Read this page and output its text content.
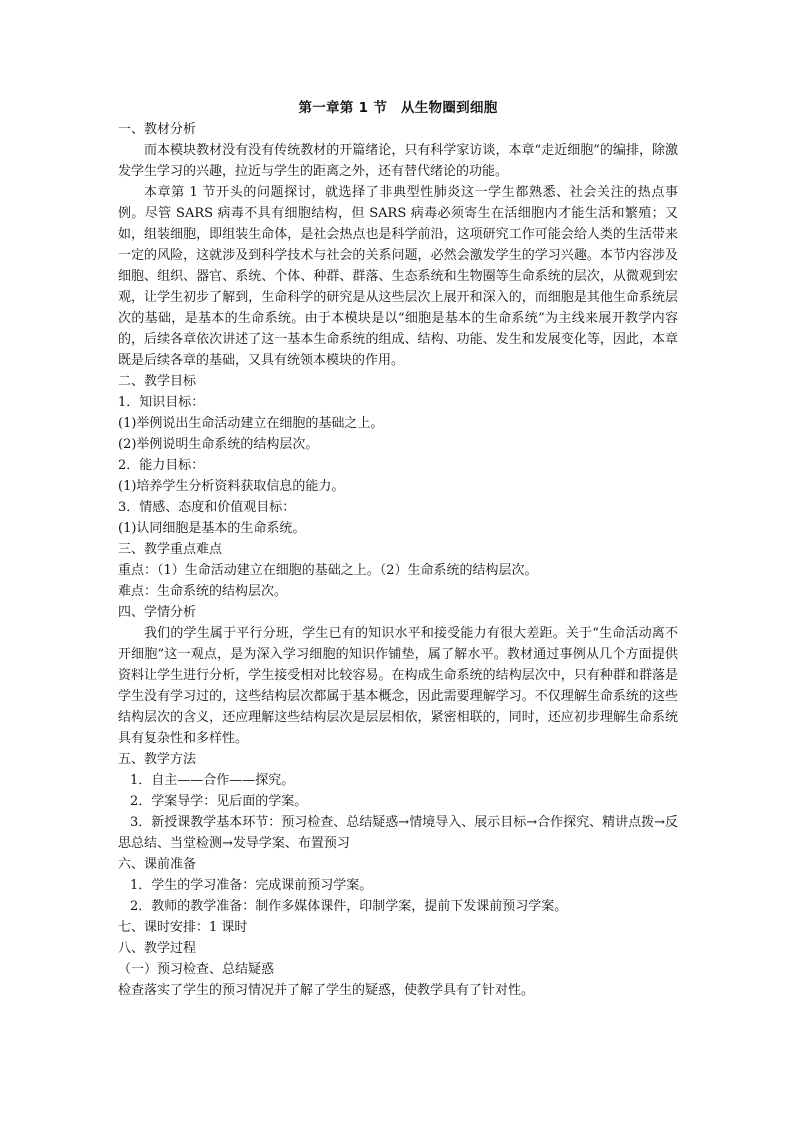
第一章第 1 节　从生物圈到细胞

一、教材分析

而本模块教材没有没有传统教材的开篇绪论，只有科学家访谈，本章“走近细胞”的编排，除激发学生学习的兴趣，拉近与学生的距离之外，还有替代绪论的功能。

本章第 1 节开头的问题探讨，就选择了非典型性肺炎这一学生都熟悉、社会关注的热点事例。尽管 SARS 病毒不具有细胞结构，但 SARS 病毒必须寄生在活细胞内才能生活和繁殖；又如，组装细胞，即组装生命体，是社会热点也是科学前沿，这项研究工作可能会给人类的生活带来一定的风险，这就涉及到科学技术与社会的关系问题，必然会激发学生的学习兴趣。本节内容涉及细胞、组织、器官、系统、个体、种群、群落、生态系统和生物圈等生命系统的层次，从微观到宏观，让学生初步了解到，生命科学的研究是从这些层次上展开和深入的，而细胞是其他生命系统层次的基础，是基本的生命系统。由于本模块是以“细胞是基本的生命系统”为主线来展开教学内容的，后续各章依次讲述了这一基本生命系统的组成、结构、功能、发生和发展变化等，因此，本章既是后续各章的基础，又具有统领本模块的作用。

二、教学目标

1．知识目标：

(1)举例说出生命活动建立在细胞的基础之上。

(2)举例说明生命系统的结构层次。

2．能力目标：

(1)培养学生分析资料获取信息的能力。

3．情感、态度和价值观目标：

(1)认同细胞是基本的生命系统。

三、教学重点难点

重点：（1）生命活动建立在细胞的基础之上。（2）生命系统的结构层次。

难点：生命系统的结构层次。

四、学情分析

我们的学生属于平行分班，学生已有的知识水平和接受能力有很大差距。关于“生命活动离不开细胞”这一观点，是为深入学习细胞的知识作铺垫，属了解水平。教材通过事例从几个方面提供资料让学生进行分析，学生接受相对比较容易。在构成生命系统的结构层次中，只有种群和群落是学生没有学习过的，这些结构层次都属于基本概念，因此需要理解学习。不仅理解生命系统的这些结构层次的含义，还应理解这些结构层次是层层相依，紧密相联的，同时，还应初步理解生命系统具有复杂性和多样性。

五、教学方法

1．自主——合作——探究。

2．学案导学：见后面的学案。

3．新授课教学基本环节：预习检查、总结疑惑→情境导入、展示目标→合作探究、精讲点拨→反思总结、当堂检测→发导学案、布置预习

六、课前准备

1．学生的学习准备：完成课前预习学案。

2．教师的教学准备：制作多媒体课件，印制学案，提前下发课前预习学案。

七、课时安排：1 课时

八、教学过程

（一）预习检查、总结疑惑

检查落实了学生的预习情况并了解了学生的疑惑，使教学具有了针对性。
